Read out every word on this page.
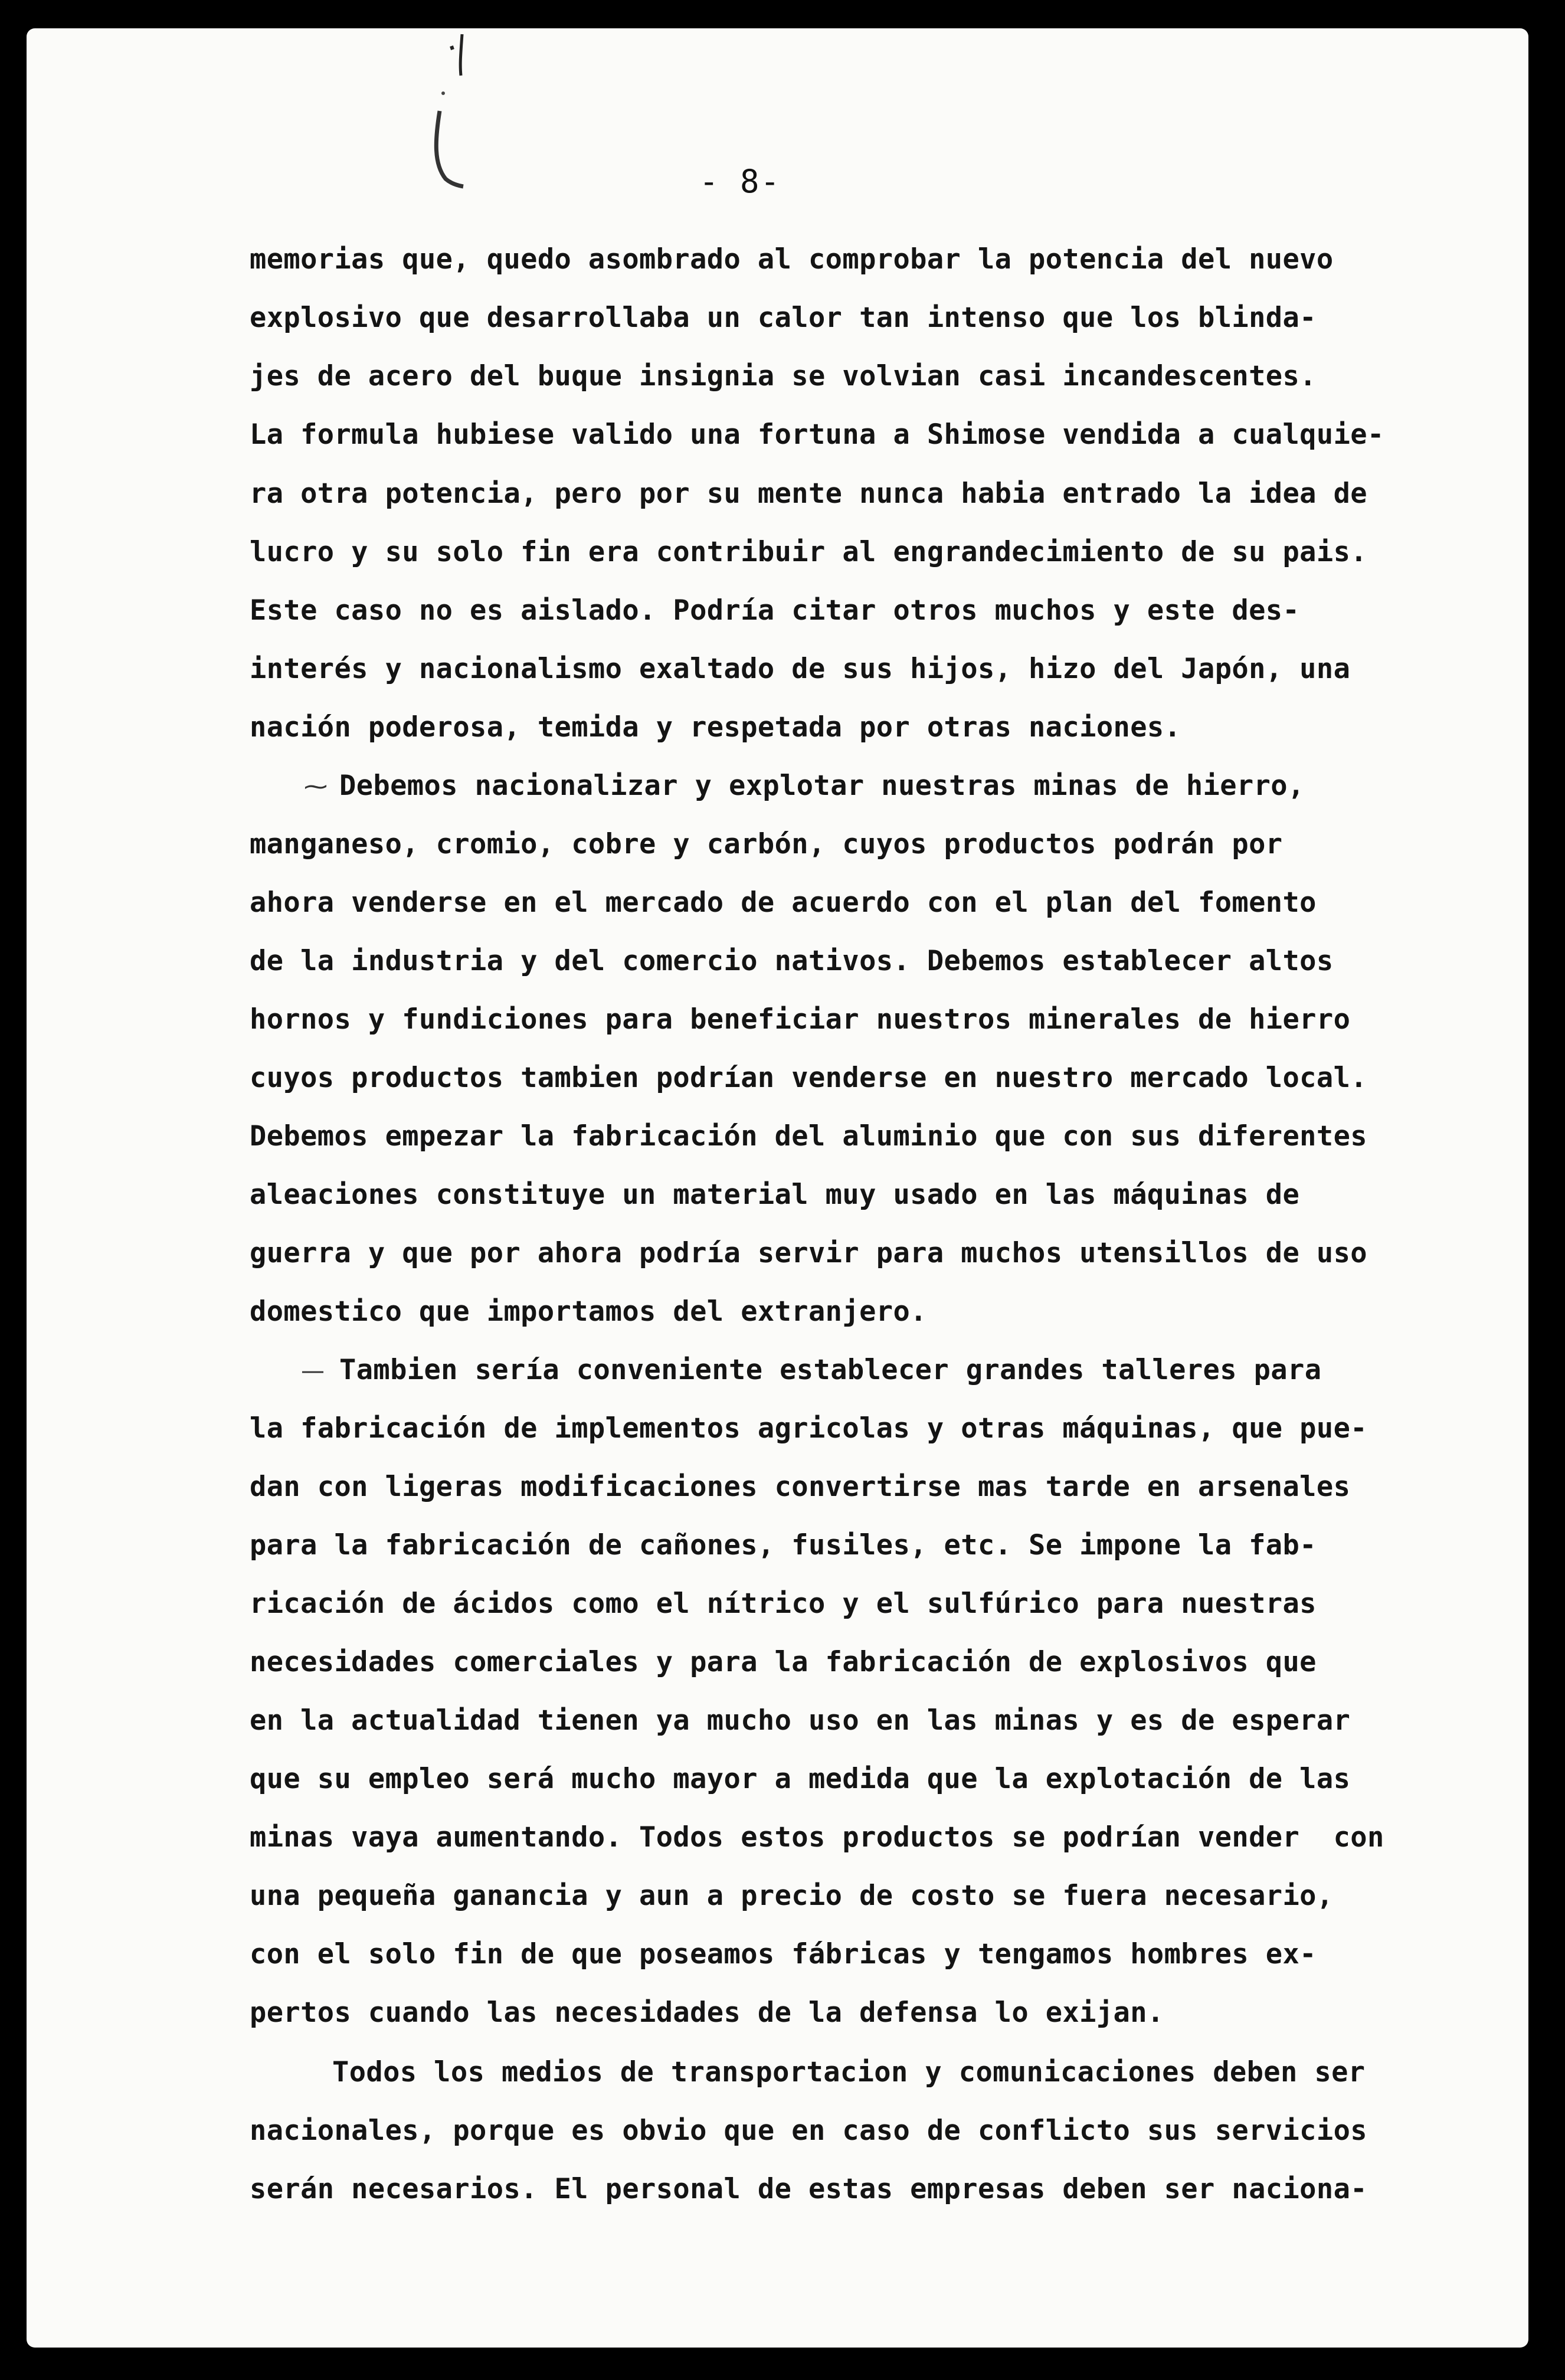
- 8-
memorias que, quedo asombrado al comprobar la potencia del nuevo
explosivo que desarrollaba un calor tan intenso que los blinda-
jes de acero del buque insignia se volvian casi incandescentes.
La formula hubiese valido una fortuna a Shimose vendida a cualquie-
ra otra potencia, pero por su mente nunca habia entrado la idea de
lucro y su solo fin era contribuir al engrandecimiento de su pais.
Este caso no es aislado. Podría citar otros muchos y este des-
interés y nacionalismo exaltado de sus hijos, hizo del Japón, una
nación poderosa, temida y respetada por otras naciones.
⁓ Debemos nacionalizar y explotar nuestras minas de hierro,
manganeso, cromio, cobre y carbón, cuyos productos podrán por
ahora venderse en el mercado de acuerdo con el plan del fomento
de la industria y del comercio nativos. Debemos establecer altos
hornos y fundiciones para beneficiar nuestros minerales de hierro
cuyos productos tambien podrían venderse en nuestro mercado local.
Debemos empezar la fabricación del aluminio que con sus diferentes
aleaciones constituye un material muy usado en las máquinas de
guerra y que por ahora podría servir para muchos utensillos de uso
domestico que importamos del extranjero.
— Tambien sería conveniente establecer grandes talleres para
la fabricación de implementos agricolas y otras máquinas, que pue-
dan con ligeras modificaciones convertirse mas tarde en arsenales
para la fabricación de cañones, fusiles, etc. Se impone la fab-
ricación de ácidos como el nítrico y el sulfúrico para nuestras
necesidades comerciales y para la fabricación de explosivos que
en la actualidad tienen ya mucho uso en las minas y es de esperar
que su empleo será mucho mayor a medida que la explotación de las
minas vaya aumentando. Todos estos productos se podrían vender  con
una pequeña ganancia y aun a precio de costo se fuera necesario,
con el solo fin de que poseamos fábricas y tengamos hombres ex-
pertos cuando las necesidades de la defensa lo exijan.
Todos los medios de transportacion y comunicaciones deben ser
nacionales, porque es obvio que en caso de conflicto sus servicios
serán necesarios. El personal de estas empresas deben ser naciona-
